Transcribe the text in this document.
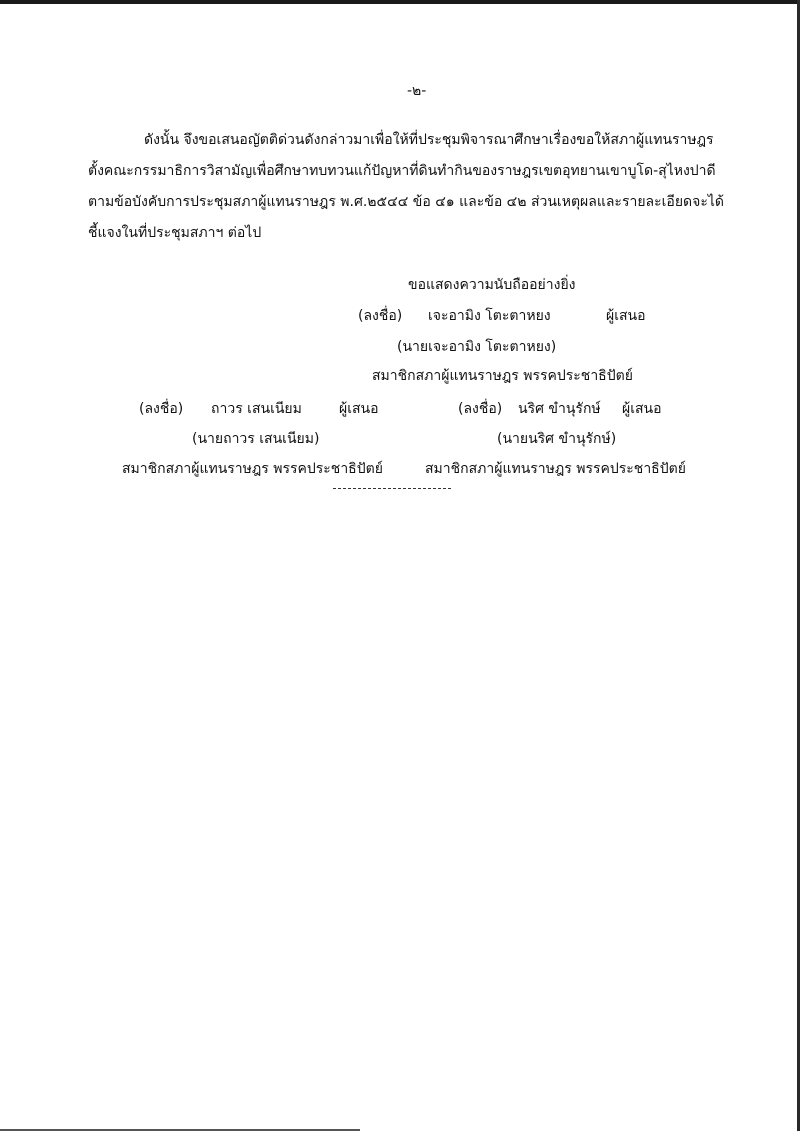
-๒-
ดังนั้น จึงขอเสนอญัตติด่วนดังกล่าวมาเพื่อให้ที่ประชุมพิจารณาศึกษาเรื่องขอให้สภาผู้แทนราษฎร
ตั้งคณะกรรมาธิการวิสามัญเพื่อศึกษาทบทวนแก้ปัญหาที่ดินทำกินของราษฎรเขตอุทยานเขาบูโด-สุไหงปาดี
ตามข้อบังคับการประชุมสภาผู้แทนราษฎร พ.ศ.๒๕๔๔ ข้อ ๔๑ และข้อ ๔๒ ส่วนเหตุผลและรายละเอียดจะได้
ชี้แจงในที่ประชุมสภาฯ ต่อไป
ขอแสดงความนับถืออย่างยิ่ง
(ลงชื่อ) เจะอามิง โตะตาหยง	ผู้เสนอ
(นายเจะอามิง โตะตาหยง)
สมาชิกสภาผู้แทนราษฎร พรรคประชาธิปัตย์
(ลงชื่อ) ถาวร เสนเนียม	ผู้เสนอ
(นายถาวร เสนเนียม)
สมาชิกสภาผู้แทนราษฎร พรรคประชาธิปัตย์
(ลงชื่อ) นริศ ขำนุรักษ์ ผู้เสนอ
(นายนริศ ขำนุรักษ์)
สมาชิกสภาผู้แทนราษฎร พรรคประชาธิปัตย์
